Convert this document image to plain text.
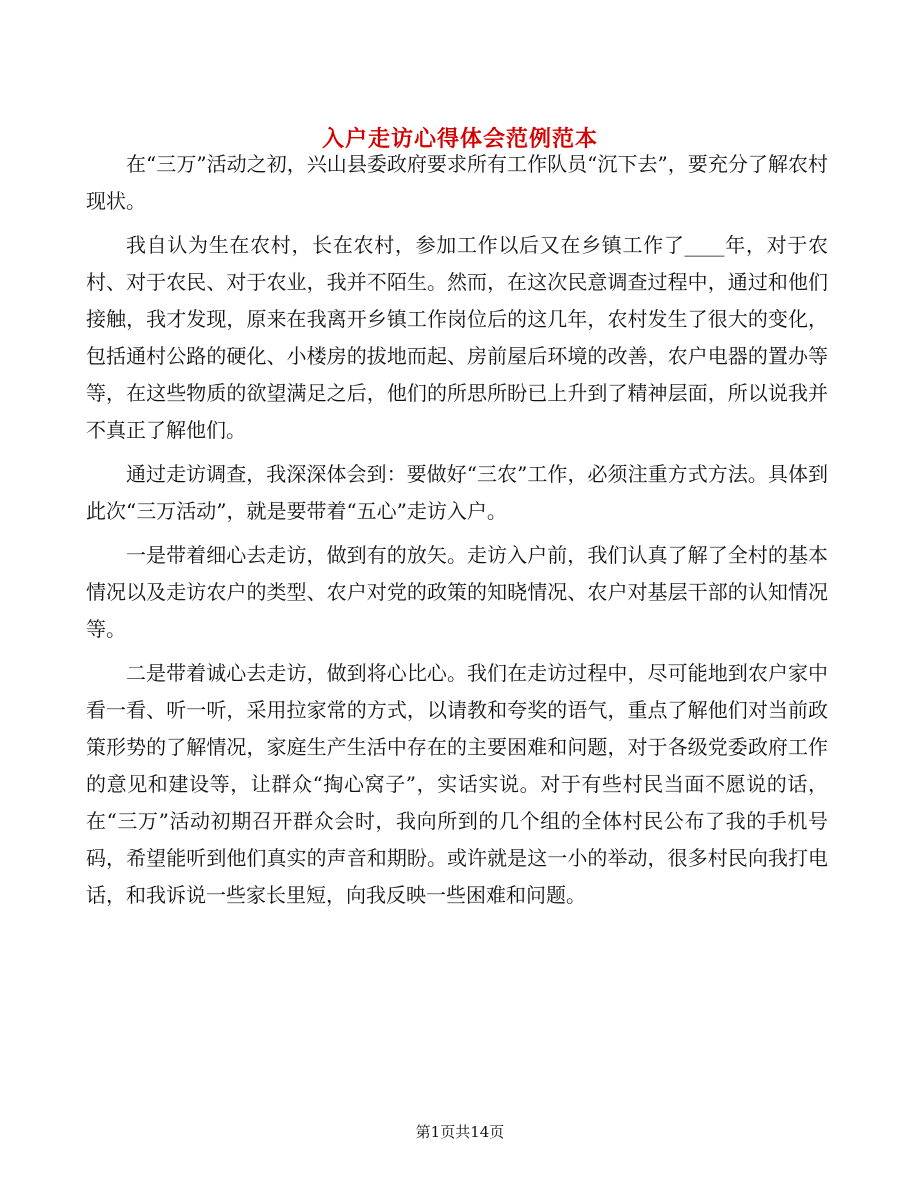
入户走访心得体会范例范本

在“三万”活动之初，兴山县委政府要求所有工作队员“沉下去”，要充分了解农村现状。

我自认为生在农村，长在农村，参加工作以后又在乡镇工作了____年，对于农村、对于农民、对于农业，我并不陌生。然而，在这次民意调查过程中，通过和他们接触，我才发现，原来在我离开乡镇工作岗位后的这几年，农村发生了很大的变化，包括通村公路的硬化、小楼房的拔地而起、房前屋后环境的改善，农户电器的置办等等，在这些物质的欲望满足之后，他们的所思所盼已上升到了精神层面，所以说我并不真正了解他们。

通过走访调查，我深深体会到：要做好“三农”工作，必须注重方式方法。具体到此次“三万活动”，就是要带着“五心”走访入户。

一是带着细心去走访，做到有的放矢。走访入户前，我们认真了解了全村的基本情况以及走访农户的类型、农户对党的政策的知晓情况、农户对基层干部的认知情况等。

二是带着诚心去走访，做到将心比心。我们在走访过程中，尽可能地到农户家中看一看、听一听，采用拉家常的方式，以请教和夸奖的语气，重点了解他们对当前政策形势的了解情况，家庭生产生活中存在的主要困难和问题，对于各级党委政府工作的意见和建设等，让群众“掏心窝子”，实话实说。对于有些村民当面不愿说的话，在“三万”活动初期召开群众会时，我向所到的几个组的全体村民公布了我的手机号码，希望能听到他们真实的声音和期盼。或许就是这一小的举动，很多村民向我打电话，和我诉说一些家长里短，向我反映一些困难和问题。

第1页共14页
